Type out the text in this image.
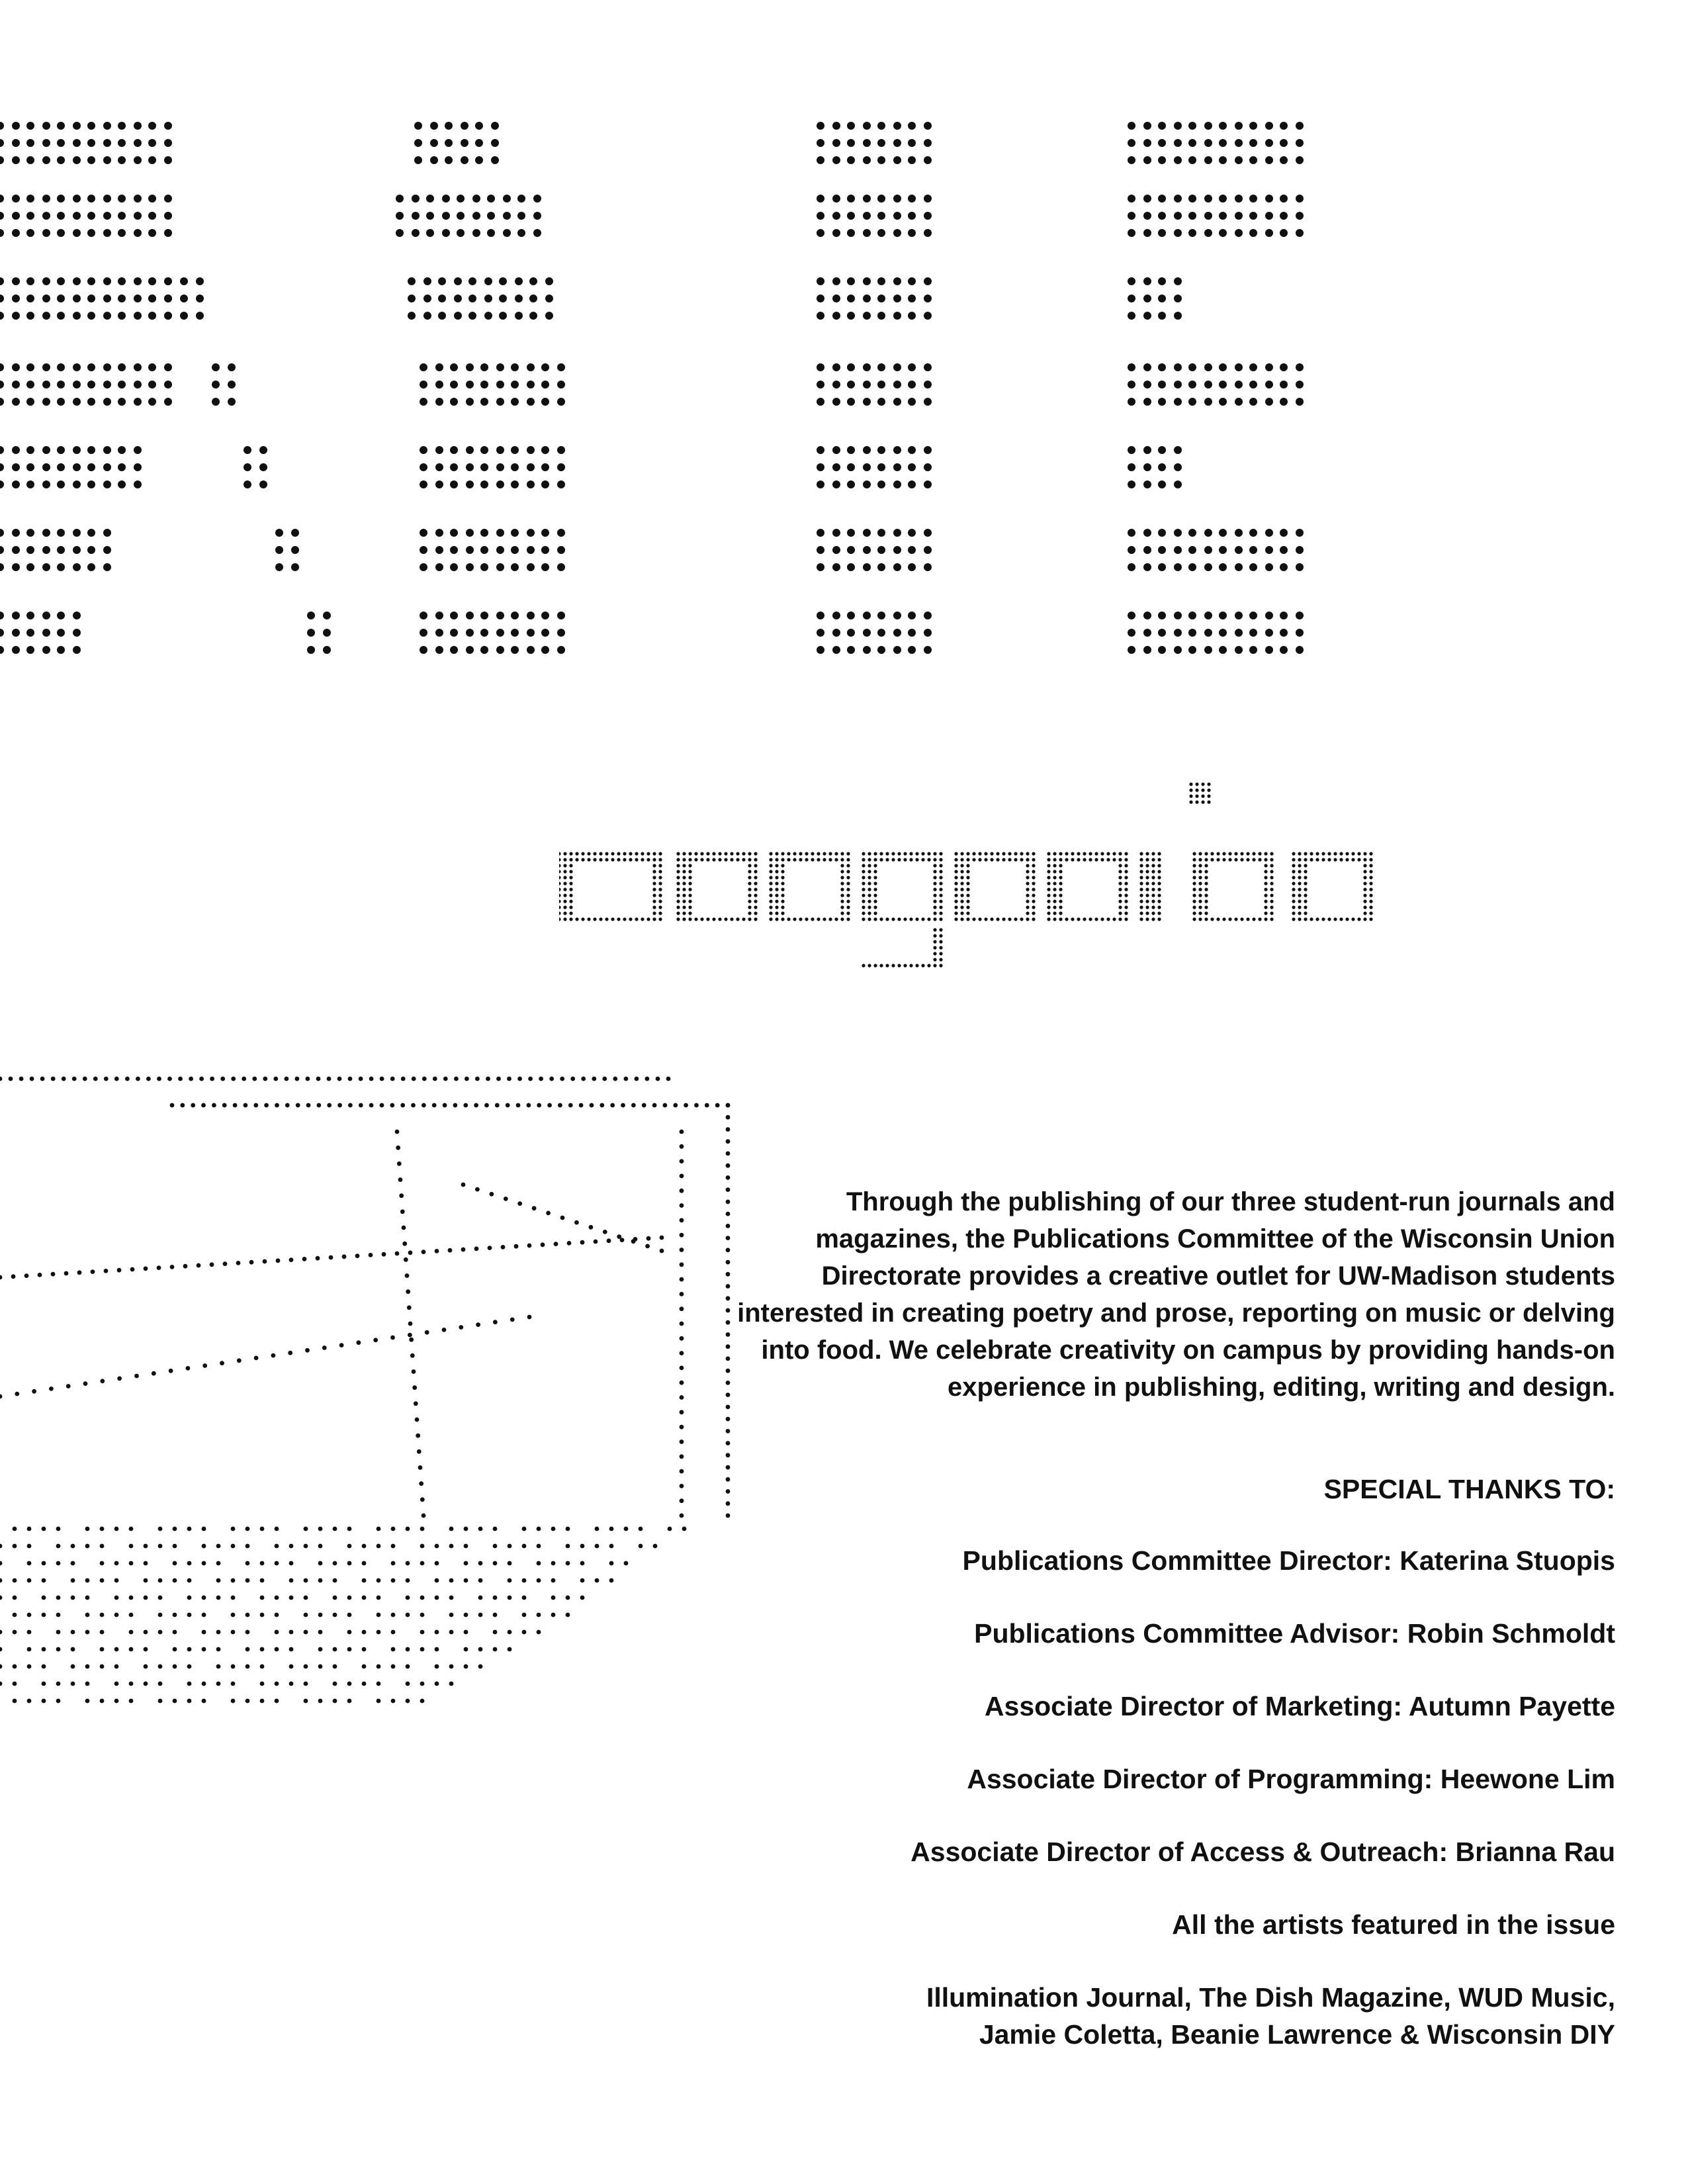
Through the publishing of our three student-run journals and magazines, the Publications Committee of the Wisconsin Union Directorate provides a creative outlet for UW-Madison students interested in creating poetry and prose, reporting on music or delving into food. We celebrate creativity on campus by providing hands-on experience in publishing, editing, writing and design.

SPECIAL THANKS TO:

Publications Committee Director: Katerina Stuopis

Publications Committee Advisor: Robin Schmoldt

Associate Director of Marketing: Autumn Payette

Associate Director of Programming: Heewone Lim

Associate Director of Access & Outreach: Brianna Rau

All the artists featured in the issue

Illumination Journal, The Dish Magazine, WUD Music,
Jamie Coletta, Beanie Lawrence & Wisconsin DIY
